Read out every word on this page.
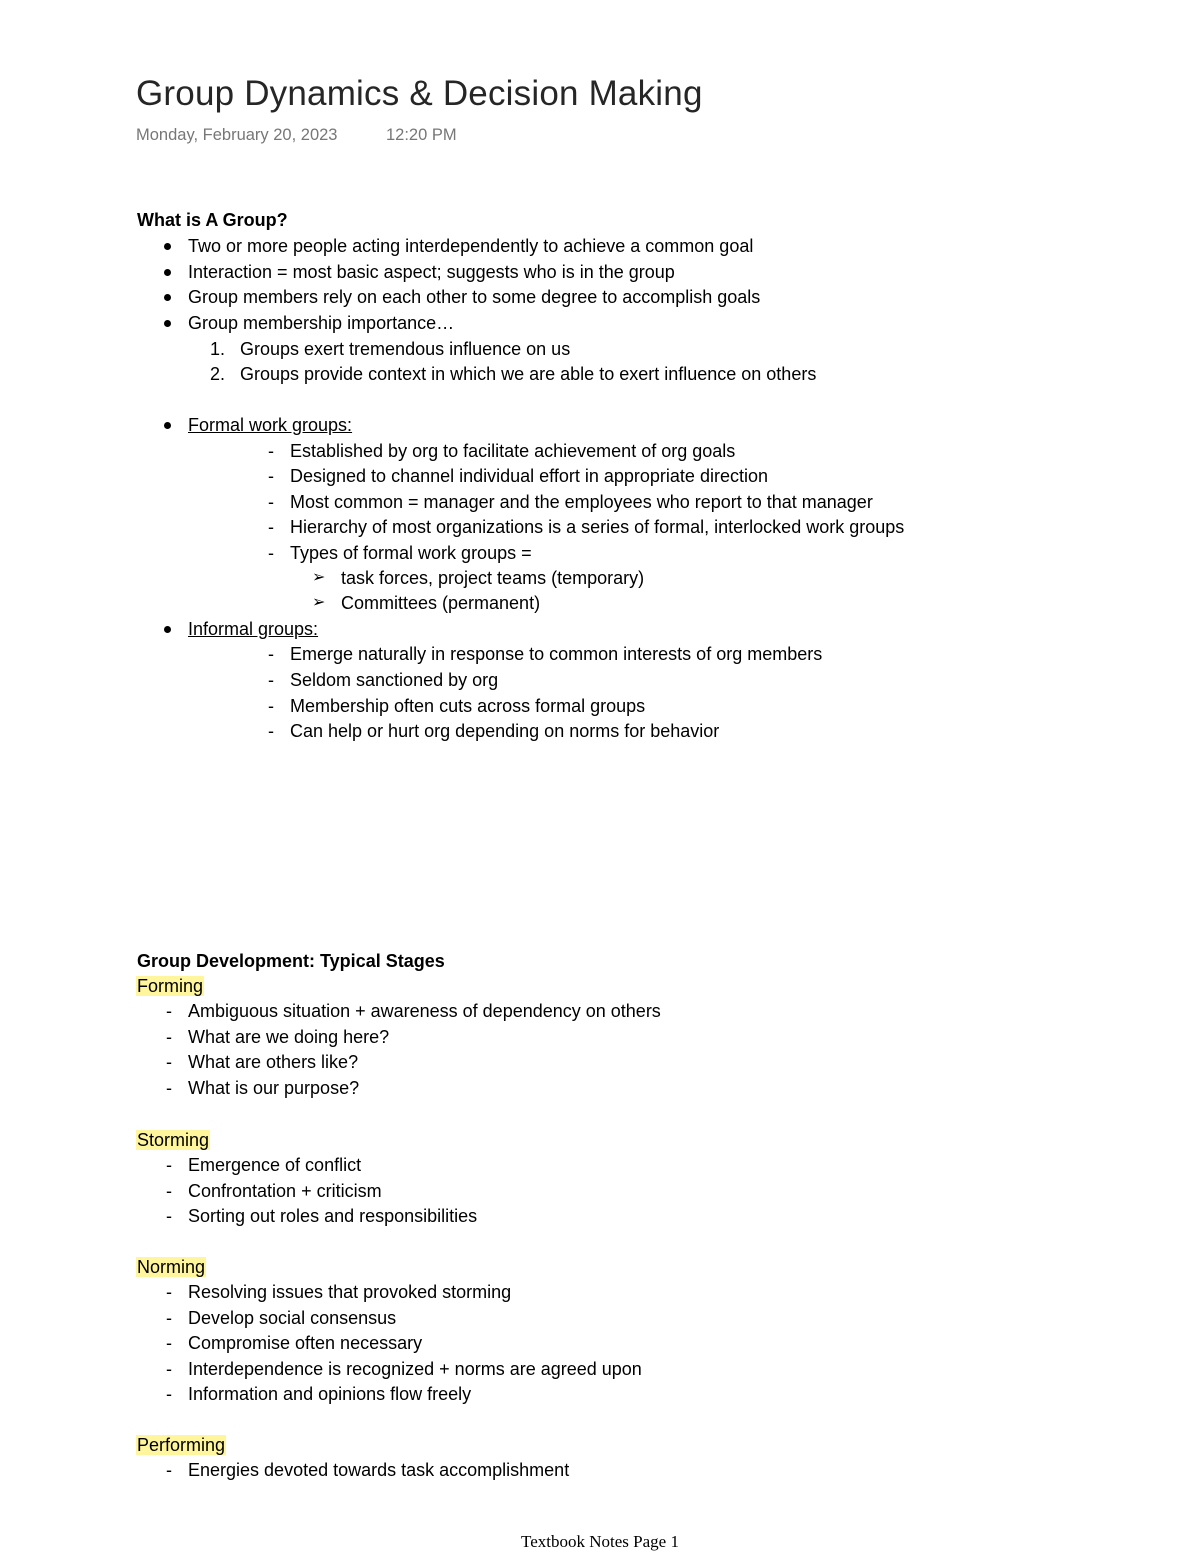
Group Dynamics & Decision Making
Monday, February 20, 2023	12:20 PM
What is A Group?
Two or more people acting interdependently to achieve a common goal
Interaction = most basic aspect; suggests who is in the group
Group members rely on each other to some degree to accomplish goals
Group membership importance…
1. Groups exert tremendous influence on us
2. Groups provide context in which we are able to exert influence on others
Formal work groups:
- Established by org to facilitate achievement of org goals
- Designed to channel individual effort in appropriate direction
- Most common = manager and the employees who report to that manager
- Hierarchy of most organizations is a series of formal, interlocked work groups
- Types of formal work groups =
➢ task forces, project teams (temporary)
➢ Committees (permanent)
Informal groups:
- Emerge naturally in response to common interests of org members
- Seldom sanctioned by org
- Membership often cuts across formal groups
- Can help or hurt org depending on norms for behavior
Group Development: Typical Stages
Forming
- Ambiguous situation + awareness of dependency on others
- What are we doing here?
- What are others like?
- What is our purpose?
Storming
- Emergence of conflict
- Confrontation + criticism
- Sorting out roles and responsibilities
Norming
- Resolving issues that provoked storming
- Develop social consensus
- Compromise often necessary
- Interdependence is recognized + norms are agreed upon
- Information and opinions flow freely
Performing
- Energies devoted towards task accomplishment
Textbook Notes Page 1
